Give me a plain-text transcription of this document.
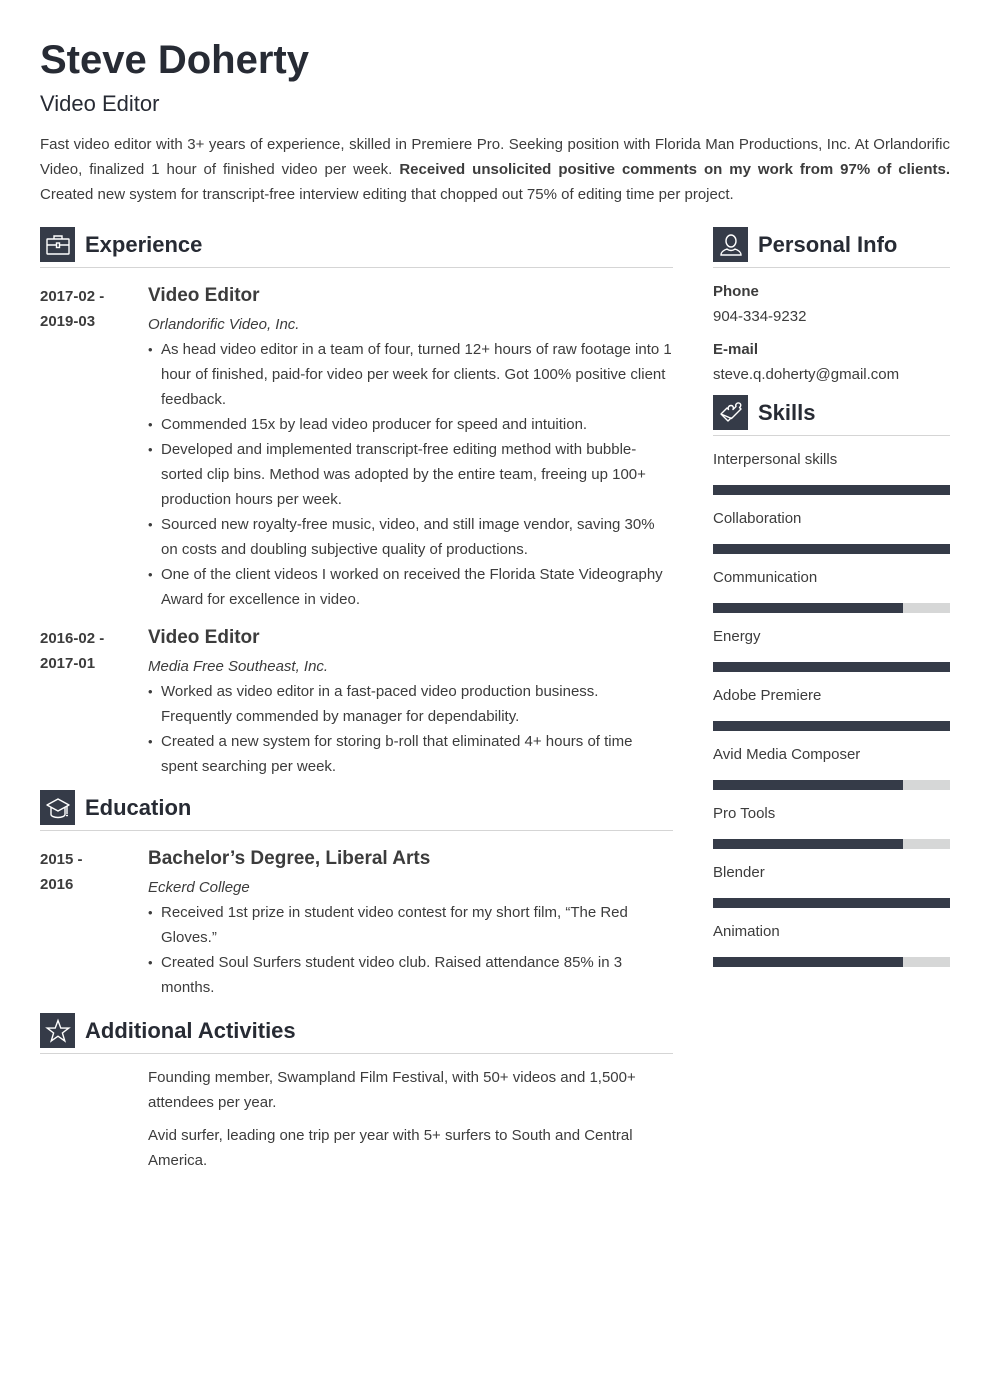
Steve Doherty
Video Editor

Fast video editor with 3+ years of experience, skilled in Premiere Pro. Seeking position with Florida Man Productions, Inc. At Orlandorific Video, finalized 1 hour of finished video per week. Received unsolicited positive comments on my work from 97% of clients. Created new system for transcript-free interview editing that chopped out 75% of editing time per project.

Experience
2017-02 -
2019-03
Video Editor
Orlandorific Video, Inc.
• As head video editor in a team of four, turned 12+ hours of raw footage into 1 hour of finished, paid-for video per week for clients. Got 100% positive client feedback.
• Commended 15x by lead video producer for speed and intuition.
• Developed and implemented transcript-free editing method with bubble-sorted clip bins. Method was adopted by the entire team, freeing up 100+ production hours per week.
• Sourced new royalty-free music, video, and still image vendor, saving 30% on costs and doubling subjective quality of productions.
• One of the client videos I worked on received the Florida State Videography Award for excellence in video.
2016-02 -
2017-01
Video Editor
Media Free Southeast, Inc.
• Worked as video editor in a fast-paced video production business. Frequently commended by manager for dependability.
• Created a new system for storing b-roll that eliminated 4+ hours of time spent searching per week.
Education
2015 -
2016
Bachelor’s Degree, Liberal Arts
Eckerd College
• Received 1st prize in student video contest for my short film, “The Red Gloves.”
• Created Soul Surfers student video club. Raised attendance 85% in 3 months.
Additional Activities

Founding member, Swampland Film Festival, with 50+ videos and 1,500+ attendees per year.

Avid surfer, leading one trip per year with 5+ surfers to South and Central America.

Personal Info
Phone
904-334-9232
E-mail
steve.q.doherty@gmail.com
Skills
Interpersonal skills
Collaboration
Communication
Energy
Adobe Premiere
Avid Media Composer
Pro Tools
Blender
Animation
